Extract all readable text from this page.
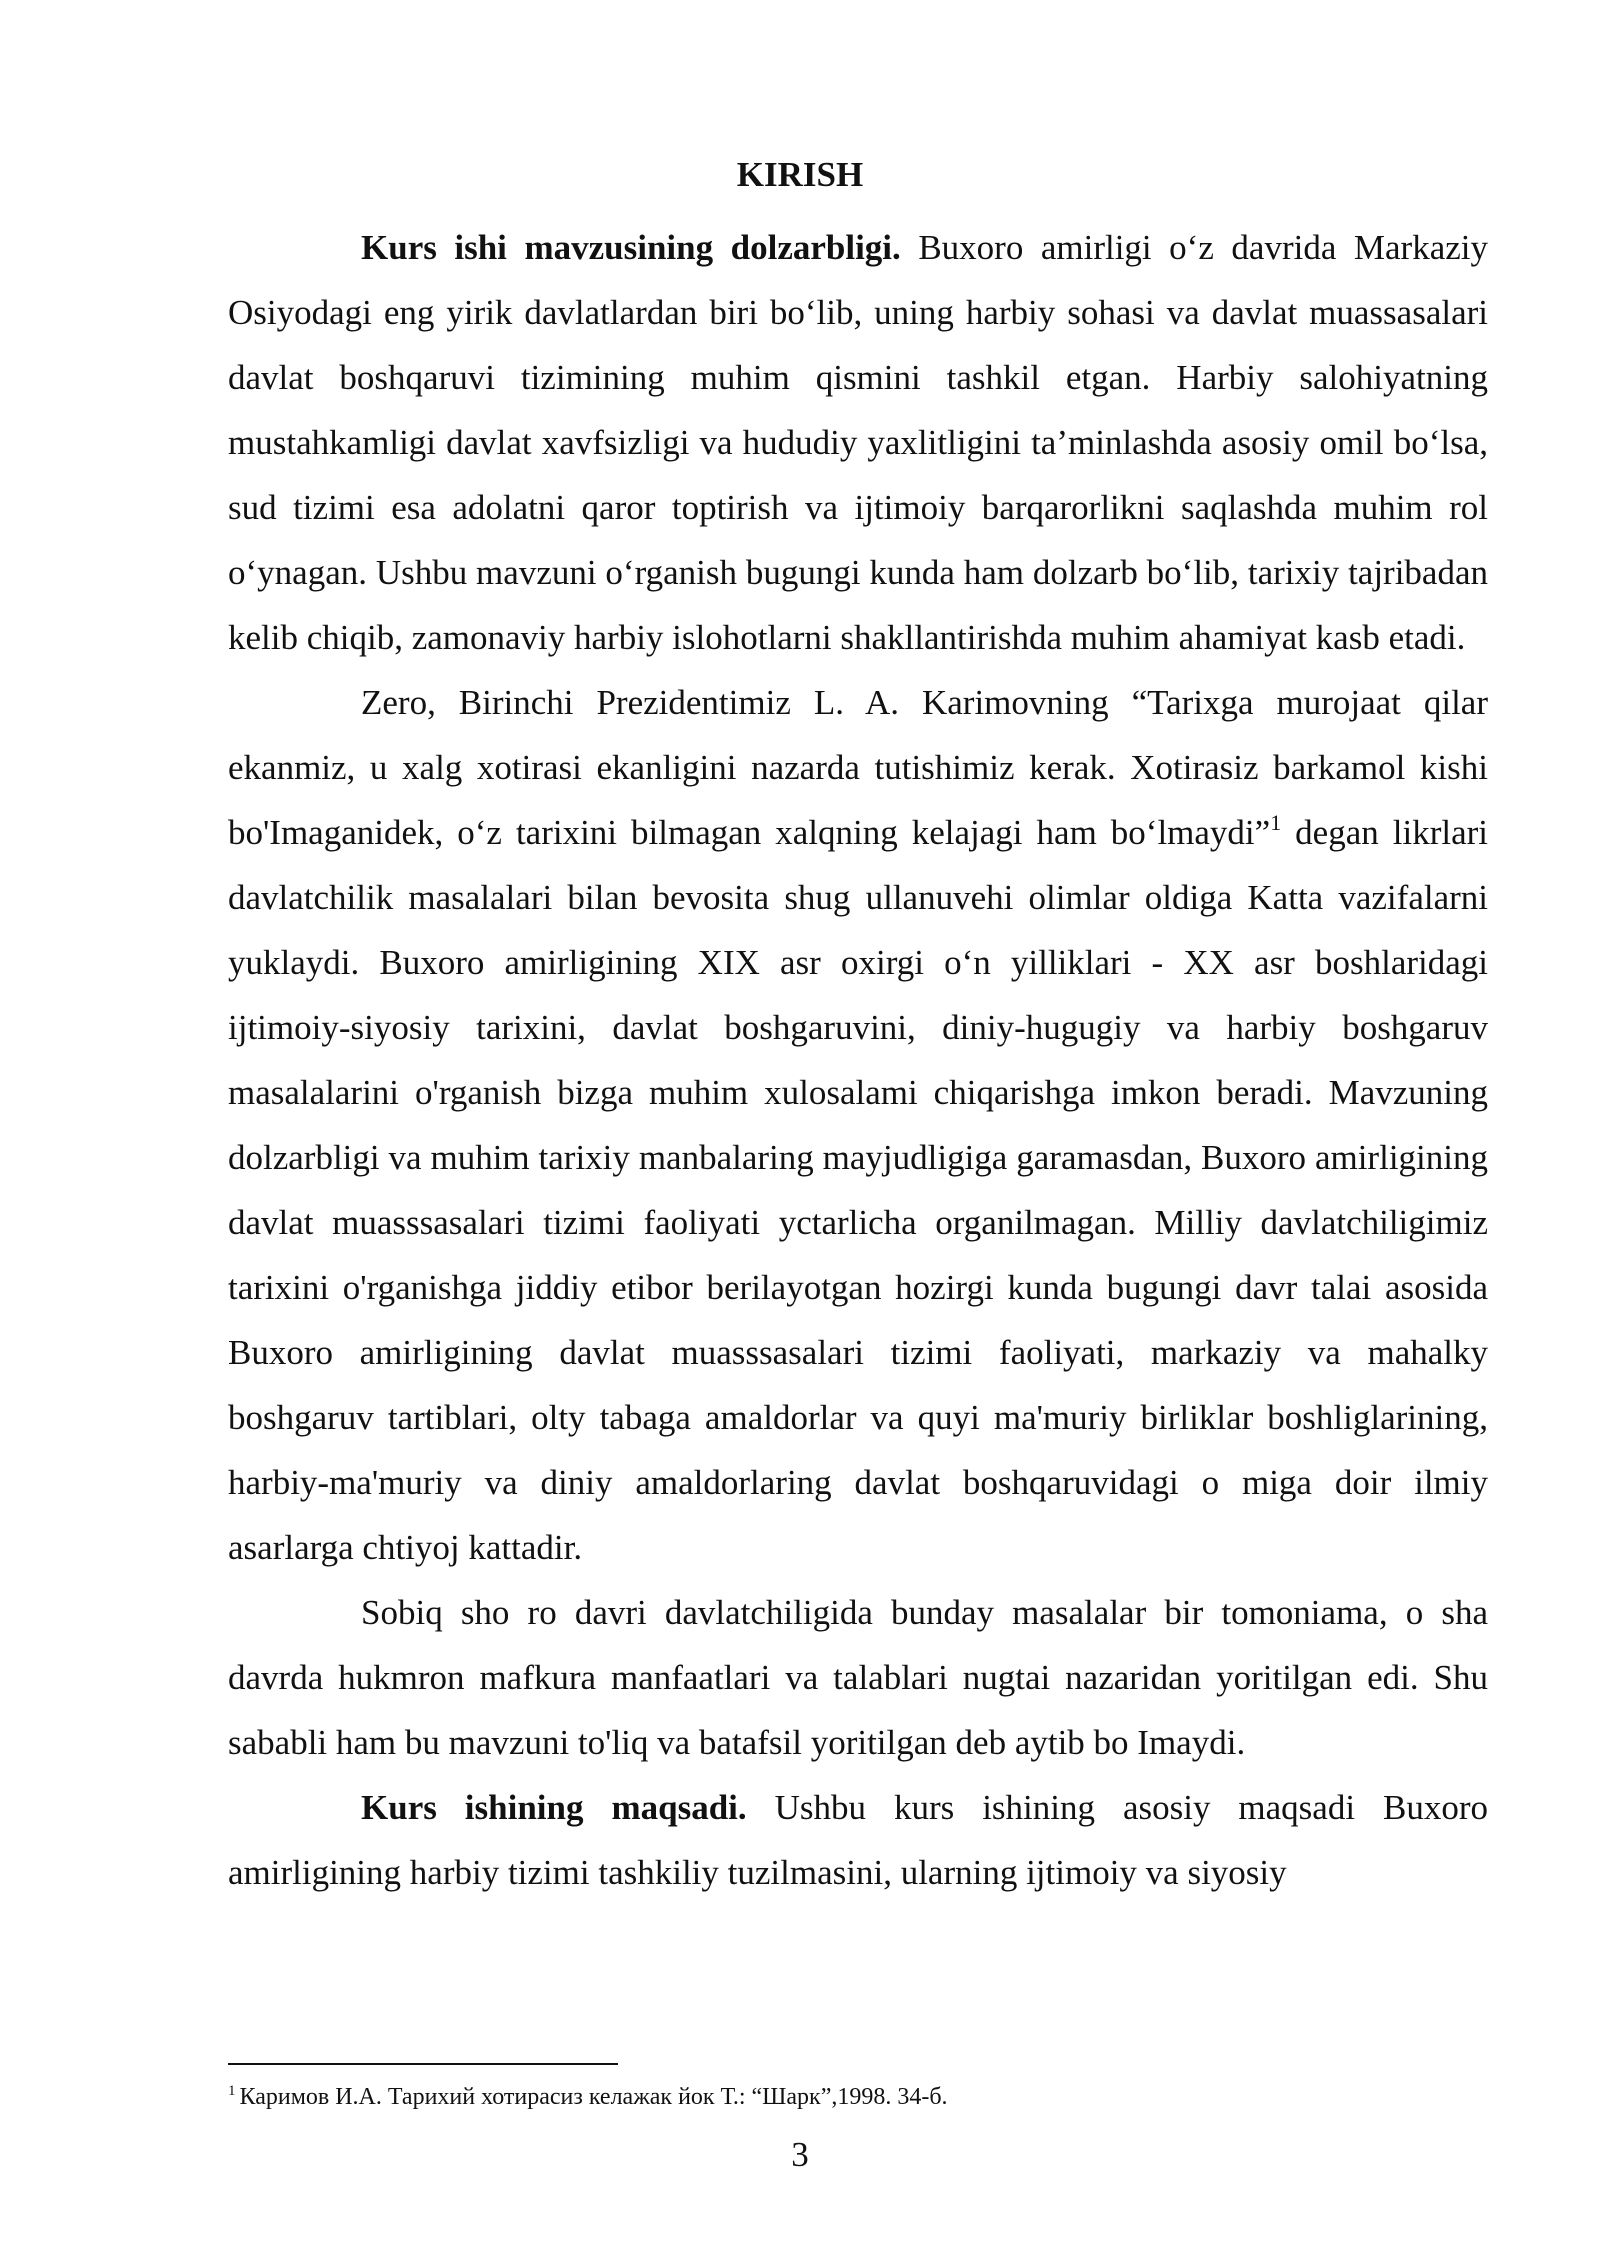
KIRISH

Kurs ishi mavzusining dolzarbligi. Buxoro amirligi o‘z davrida Markaziy Osiyodagi eng yirik davlatlardan biri bo‘lib, uning harbiy sohasi va davlat muassasalari davlat boshqaruvi tizimining muhim qismini tashkil etgan. Harbiy salohiyatning mustahkamligi davlat xavfsizligi va hududiy yaxlitligini ta’minlashda asosiy omil bo‘lsa, sud tizimi esa adolatni qaror toptirish va ijtimoiy barqarorlikni saqlashda muhim rol o‘ynagan. Ushbu mavzuni o‘rganish bugungi kunda ham dolzarb bo‘lib, tarixiy tajribadan kelib chiqib, zamonaviy harbiy islohotlarni shakllantirishda muhim ahamiyat kasb etadi.

Zero, Birinchi Prezidentimiz L. A. Karimovning “Tarixga murojaat qilar ekanmiz, u xalg xotirasi ekanligini nazarda tutishimiz kerak. Xotirasiz barkamol kishi bo'Imaganidek, o‘z tarixini bilmagan xalqning kelajagi ham bo‘lmaydi”$^1$ degan likrlari davlatchilik masalalari bilan bevosita shug ullanuvehi olimlar oldiga Katta vazifalarni yuklaydi. Buxoro amirligining XIX asr oxirgi o‘n yilliklari - XX asr boshlaridagi ijtimoiy-siyosiy tarixini, davlat boshgaruvini, diniy-hugugiy va harbiy boshgaruv masalalarini o'rganish bizga muhim xulosalami chiqarishga imkon beradi. Mavzuning dolzarbligi va muhim tarixiy manbalaring mayjudligiga garamasdan, Buxoro amirligining davlat muasssasalari tizimi faoliyati yctarlicha organilmagan. Milliy davlatchiligimiz tarixini o'rganishga jiddiy etibor berilayotgan hozirgi kunda bugungi davr talai asosida Buxoro amirligining davlat muasssasalari tizimi faoliyati, markaziy va mahalky boshgaruv tartiblari, olty tabaga amaldorlar va quyi ma'muriy birliklar boshliglarining, harbiy-ma'muriy va diniy amaldorlaring davlat boshqaruvidagi o miga doir ilmiy asarlarga chtiyoj kattadir.

Sobiq sho ro davri davlatchiligida bunday masalalar bir tomoniama, o sha davrda hukmron mafkura manfaatlari va talablari nugtai nazaridan yoritilgan edi. Shu sababli ham bu mavzuni to'liq va batafsil yoritilgan deb aytib bo Imaydi.

Kurs ishining maqsadi. Ushbu kurs ishining asosiy maqsadi Buxoro amirligining harbiy tizimi tashkiliy tuzilmasini, ularning ijtimoiy va siyosiy

$^1$ Каримов И.А. Тарихий хотирасиз келажак йок Т.: “Шарк”,1998. 34-б.
3
